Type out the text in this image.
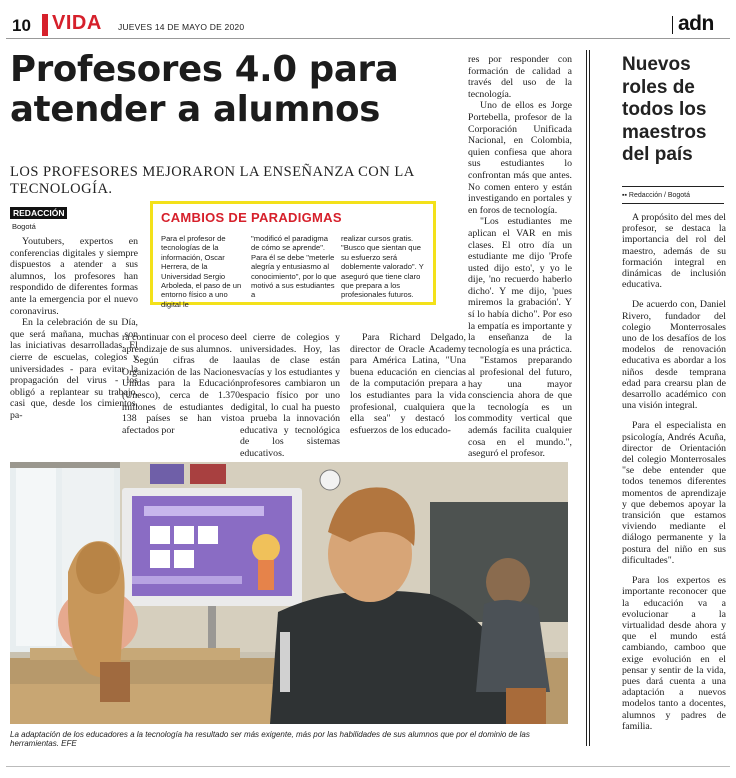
10 VIDA JUEVES 14 DE MAYO DE 2020	adn
Profesores 4.0 para
atender a alumnos
LOS PROFESORES MEJORARON LA ENSEÑANZA CON LA TECNOLOGÍA.
REDACCIÓN
Bogotá
CAMBIOS DE PARADIGMAS
Para el profesor de tecnologías de la información, Oscar Herrera, de la Universidad Sergio Arboleda, el paso de un entorno físico a uno digital le
"modificó el paradigma de cómo se aprende". Para él se debe "meterle alegría y entusiasmo al conocimiento", por lo que motivó a sus estudiantes a
realizar cursos gratis. "Busco que sientan que su esfuerzo será doblemente valorado". Y aseguró que tiene claro que prepara a los profesionales futuros.

Youtubers, expertos en conferencias digitales y siempre dispuestos a atender a sus alumnos, los profesores han respondido de diferentes formas ante la emergencia por el nuevo coronavirus.

En la celebración de su Día, que será mañana, muchas son las iniciativas desarrolladas. El cierre de escuelas, colegios y universidades - para evitar la propagación del virus - los obligó a replantear su trabajo, casi que, desde los cimientos, pa-

ra continuar con el proceso de aprendizaje de sus alumnos.

Según cifras de la Organización de las Naciones Unidas para la Educación (Unesco), cerca de 1.370 millones de estudiantes de 138 países se han visto afectados por

el cierre de colegios y universidades. Hoy, las aulas de clase están vacías y los estudiantes y profesores cambiaron un espacio físico por uno digital, lo cual ha puesto a prueba la innovación educativa y tecnológica de los sistemas educativos.

Para Richard Delgado, director de Oracle Academy para América Latina, "Una buena educación en ciencias de la computación prepara a los estudiantes para la vida profesional, cualquiera que ella sea" y destacó los esfuerzos de los educado-

res por responder con formación de calidad a través del uso de la tecnología.

Uno de ellos es Jorge Portebella, profesor de la Corporación Unificada Nacional, en Colombia, quien confiesa que ahora sus estudiantes lo confrontan más que antes. No comen entero y están investigando en portales y en foros de tecnología.

"Los estudiantes me aplican el VAR en mis clases. El otro día un estudiante me dijo 'Profe usted dijo esto', y yo le dije, 'no recuerdo haberlo dicho'. Y me dijo, 'pues miremos la grabación'. Y sí lo había dicho". Por eso la empatía es importante y la enseñanza de la tecnología es una práctica.

"Estamos preparando al profesional del futuro, hay una mayor consciencia ahora de que la tecnología es un commodity vertical que además facilita cualquier cosa en el mundo.", aseguró el profesor.

La adaptación de los educadores a la tecnología ha resultado ser más exigente, más por las habilidades de sus alumnos que por el dominio de las herramientas. EFE
Nuevos roles de todos los maestros del país
▪▪ Redacción / Bogotá

A propósito del mes del profesor, se destaca la importancia del rol del maestro, además de su formación integral en dinámicas de inclusión educativa.

De acuerdo con, Daniel Rivero, fundador del colegio Monterrosales uno de los desafíos de los modelos de renovación educativa es abordar a los niños desde temprana edad para crearsu plan de desarrollo académico con una visión integral.

Para el especialista en psicología, Andrés Acuña, director de Orientación del colegio Monterrosales "se debe entender que todos tenemos diferentes momentos de aprendizaje y que debemos apoyar la transición que estamos viviendo mediante el diálogo permanente y la postura del niño en sus dificultades".

Para los expertos es importante reconocer que la educación va a evolucionar a la virtualidad desde ahora y que el mundo está cambiando, camboo que exige evolución en el pensar y sentir de la vida, pues dará cuenta a una adaptación a nuevos modelos tanto a docentes, alumnos y padres de familia.
